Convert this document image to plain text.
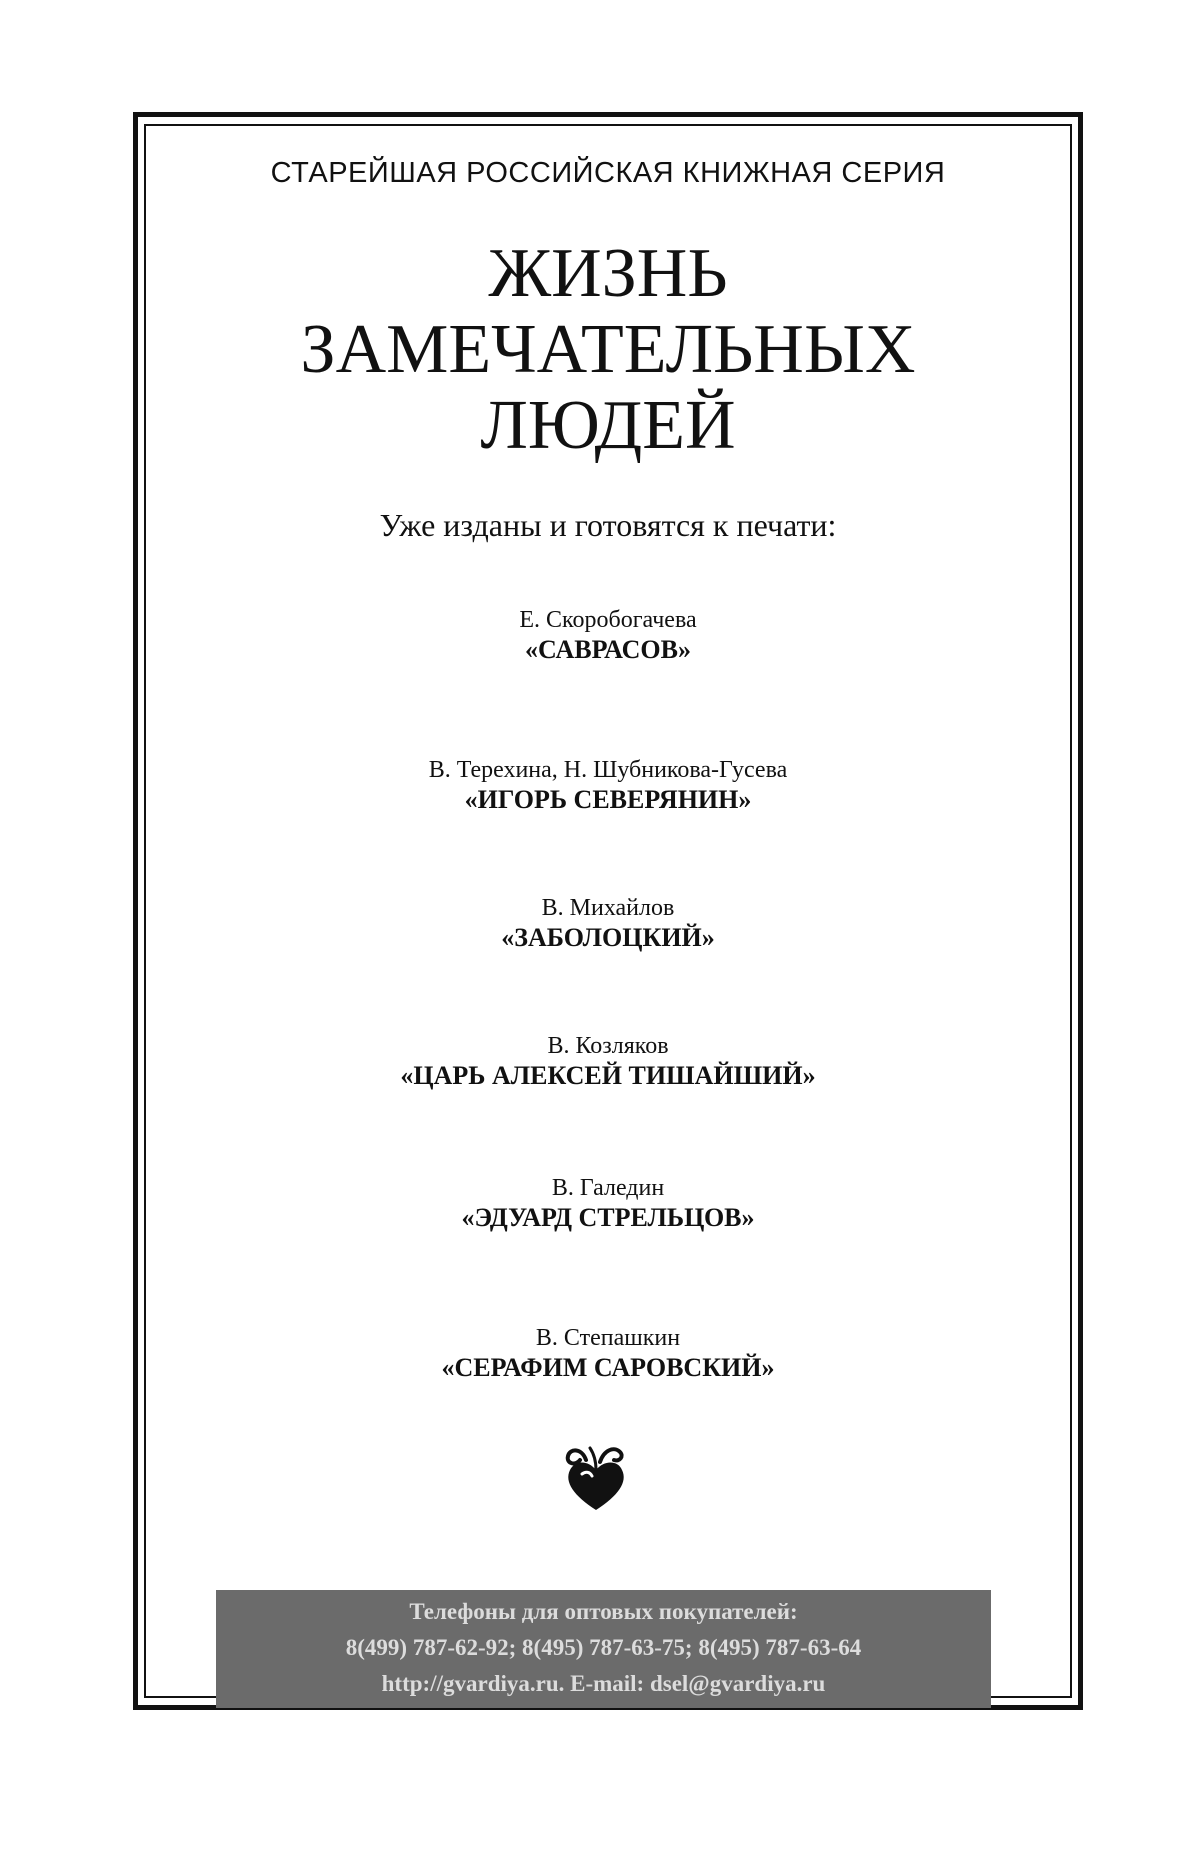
СТАРЕЙШАЯ РОССИЙСКАЯ КНИЖНАЯ СЕРИЯ
ЖИЗНЬ
ЗАМЕЧАТЕЛЬНЫХ
ЛЮДЕЙ
Уже изданы и готовятся к печати:
Е. Скоробогачева
«САВРАСОВ»
В. Терехина, Н. Шубникова-Гусева
«ИГОРЬ СЕВЕРЯНИН»
В. Михайлов
«ЗАБОЛОЦКИЙ»
В. Козляков
«ЦАРЬ АЛЕКСЕЙ ТИШАЙШИЙ»
В. Галедин
«ЭДУАРД СТРЕЛЬЦОВ»
В. Степашкин
«СЕРАФИМ САРОВСКИЙ»
Телефоны для оптовых покупателей:
8(499) 787-62-92; 8(495) 787-63-75; 8(495) 787-63-64
http://gvardiya.ru. E-mail: dsel@gvardiya.ru
